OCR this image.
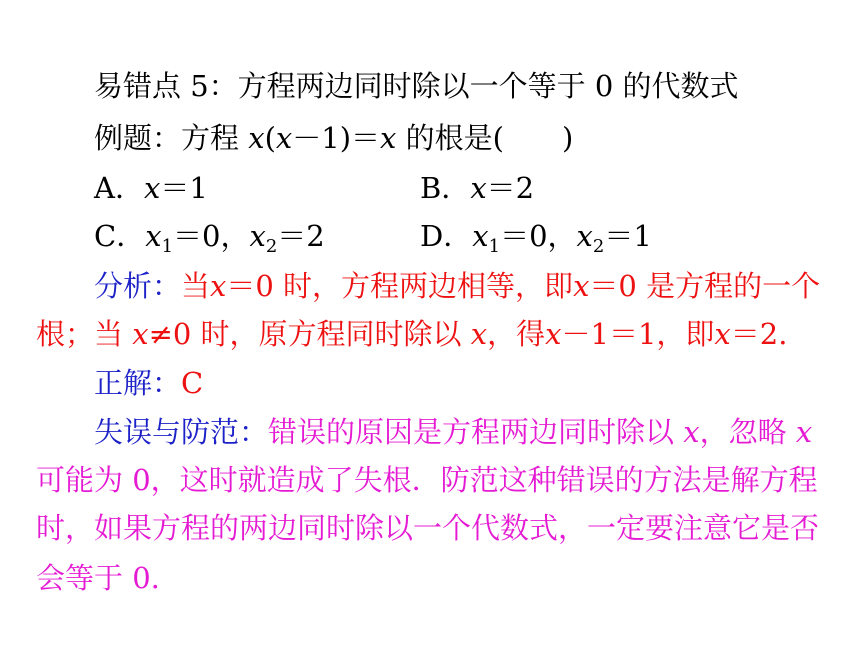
易错点 5：方程两边同时除以一个等于 0 的代数式
例题：方程 x(x－1)＝x 的根是(　　)
A．x＝1	B．x＝2
C．$x_1=0$，$x_2=2$	D．$x_1=0$，$x_2=1$
分析：当x＝0 时，方程两边相等，即x＝0 是方程的一个
根；当 x≠0 时，原方程同时除以 x，得x－1＝1，即x＝2.
正解：C
失误与防范：错误的原因是方程两边同时除以 x，忽略 x
可能为 0，这时就造成了失根．防范这种错误的方法是解方程
时，如果方程的两边同时除以一个代数式，一定要注意它是否
会等于 0.
